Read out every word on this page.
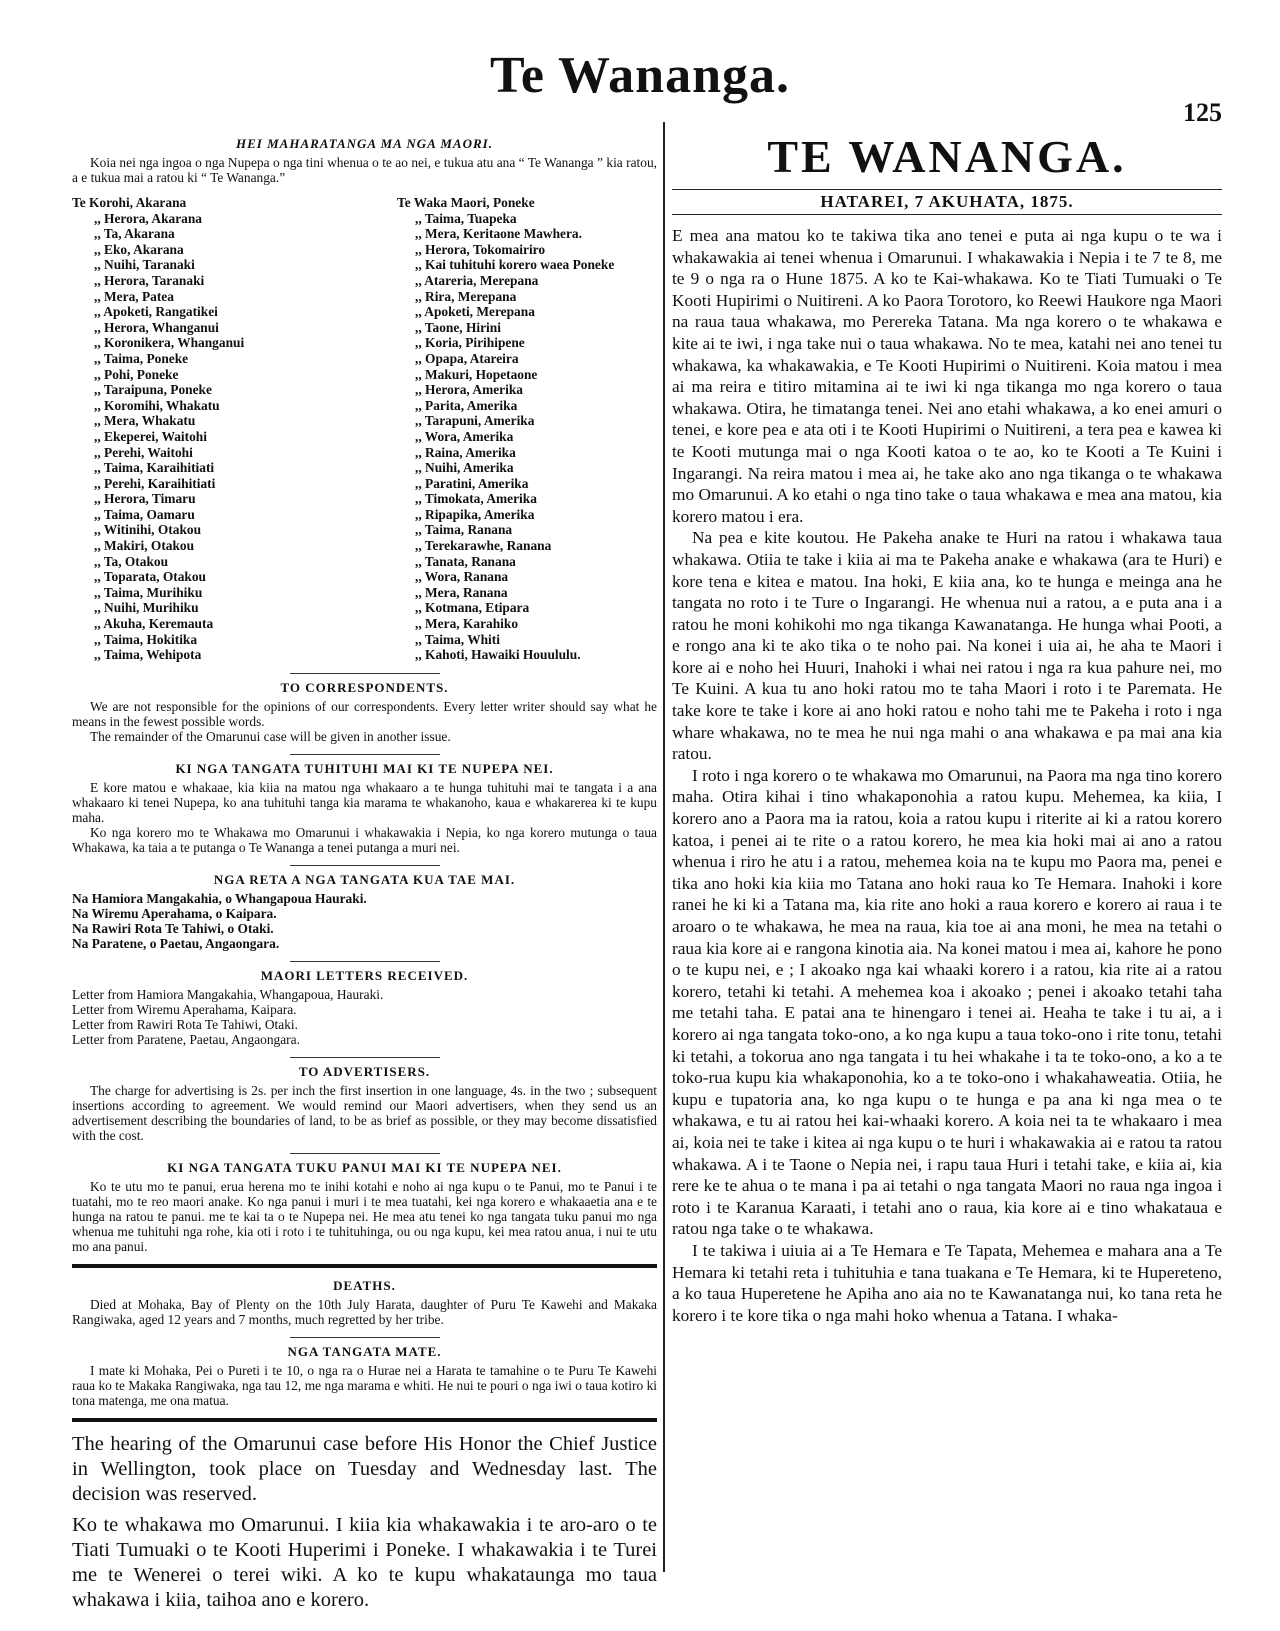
Te Wananga.
125
HEI MAHARATANGA MA NGA MAORI.

Koia nei nga ingoa o nga Nupepa o nga tini whenua o te ao nei, e tukua atu ana “ Te Wananga ” kia ratou, a e tukua mai a ratou ki “ Te Wananga.”

Te Korohi, Akarana
,, Herora, Akarana
,, Ta, Akarana
,, Eko, Akarana
,, Nuihi, Taranaki
,, Herora, Taranaki
,, Mera, Patea
,, Apoketi, Rangatikei
,, Herora, Whanganui
,, Koronikera, Whanganui
,, Taima, Poneke
,, Pohi, Poneke
,, Taraipuna, Poneke
,, Koromihi, Whakatu
,, Mera, Whakatu
,, Ekeperei, Waitohi
,, Perehi, Waitohi
,, Taima, Karaihitiati
,, Perehi, Karaihitiati
,, Herora, Timaru
,, Taima, Oamaru
,, Witinihi, Otakou
,, Makiri, Otakou
,, Ta, Otakou
,, Toparata, Otakou
,, Taima, Murihiku
,, Nuihi, Murihiku
,, Akuha, Keremauta
,, Taima, Hokitika
,, Taima, Wehipota
Te Waka Maori, Poneke
,, Taima, Tuapeka
,, Mera, Keritaone Mawhera.
,, Herora, Tokomairiro
,, Kai tuhituhi korero waea Poneke
,, Atareria, Merepana
,, Rira, Merepana
,, Apoketi, Merepana
,, Taone, Hirini
,, Koria, Pirihipene
,, Opapa, Atareira
,, Makuri, Hopetaone
,, Herora, Amerika
,, Parita, Amerika
,, Tarapuni, Amerika
,, Wora, Amerika
,, Raina, Amerika
,, Nuihi, Amerika
,, Paratini, Amerika
,, Timokata, Amerika
,, Ripapika, Amerika
,, Taima, Ranana
,, Terekarawhe, Ranana
,, Tanata, Ranana
,, Wora, Ranana
,, Mera, Ranana
,, Kotmana, Etipara
,, Mera, Karahiko
,, Taima, Whiti
,, Kahoti, Hawaiki Houululu.
TO CORRESPONDENTS.

We are not responsible for the opinions of our correspondents. Every letter writer should say what he means in the fewest possible words.

The remainder of the Omarunui case will be given in another issue.

KI NGA TANGATA TUHITUHI MAI KI TE NUPEPA NEI.

E kore matou e whakaae, kia kiia na matou nga whakaaro a te hunga tuhituhi mai te tangata i a ana whakaaro ki tenei Nupepa, ko ana tuhituhi tanga kia marama te whakanoho, kaua e whakarerea ki te kupu maha.

Ko nga korero mo te Whakawa mo Omarunui i whakawakia i Nepia, ko nga korero mutunga o taua Whakawa, ka taia a te putanga o Te Wananga a tenei putanga a muri nei.

NGA RETA A NGA TANGATA KUA TAE MAI.

Na Hamiora Mangakahia, o Whangapoua Hauraki.

Na Wiremu Aperahama, o Kaipara.

Na Rawiri Rota Te Tahiwi, o Otaki.

Na Paratene, o Paetau, Angaongara.

MAORI LETTERS RECEIVED.

Letter from Hamiora Mangakahia, Whangapoua, Hauraki.

Letter from Wiremu Aperahama, Kaipara.

Letter from Rawiri Rota Te Tahiwi, Otaki.

Letter from Paratene, Paetau, Angaongara.

TO ADVERTISERS.

The charge for advertising is 2s. per inch the first insertion in one language, 4s. in the two ; subsequent insertions according to agreement. We would remind our Maori advertisers, when they send us an advertisement describing the boundaries of land, to be as brief as possible, or they may become dissatisfied with the cost.

KI NGA TANGATA TUKU PANUI MAI KI TE NUPEPA NEI.

Ko te utu mo te panui, erua herena mo te inihi kotahi e noho ai nga kupu o te Panui, mo te Panui i te tuatahi, mo te reo maori anake. Ko nga panui i muri i te mea tuatahi, kei nga korero e whakaaetia ana e te hunga na ratou te panui. me te kai ta o te Nupepa nei. He mea atu tenei ko nga tangata tuku panui mo nga whenua me tuhituhi nga rohe, kia oti i roto i te tuhituhinga, ou ou nga kupu, kei mea ratou anua, i nui te utu mo ana panui.

DEATHS.

Died at Mohaka, Bay of Plenty on the 10th July Harata, daughter of Puru Te Kawehi and Makaka Rangiwaka, aged 12 years and 7 months, much regretted by her tribe.

NGA TANGATA MATE.

I mate ki Mohaka, Pei o Pureti i te 10, o nga ra o Hurae nei a Harata te tamahine o te Puru Te Kawehi raua ko te Makaka Rangiwaka, nga tau 12, me nga marama e whiti. He nui te pouri o nga iwi o taua kotiro ki tona matenga, me ona matua.

The hearing of the Omarunui case before His Honor the Chief Justice in Wellington, took place on Tuesday and Wednesday last. The decision was reserved.

Ko te whakawa mo Omarunui. I kiia kia whakawakia i te aro-aro o te Tiati Tumuaki o te Kooti Huperimi i Poneke. I whakawakia i te Turei me te Wenerei o terei wiki. A ko te kupu whakataunga mo taua whakawa i kiia, taihoa ano e korero.

TE WANANGA.
HATAREI, 7 AKUHATA, 1875.

E mea ana matou ko te takiwa tika ano tenei e puta ai nga kupu o te wa i whakawakia ai tenei whenua i Omarunui. I whakawakia i Nepia i te 7 te 8, me te 9 o nga ra o Hune 1875. A ko te Kai-whakawa. Ko te Tiati Tumuaki o Te Kooti Hupirimi o Nuitireni. A ko Paora Torotoro, ko Reewi Haukore nga Maori na raua taua whakawa, mo Perereka Tatana. Ma nga korero o te whakawa e kite ai te iwi, i nga take nui o taua whakawa. No te mea, katahi nei ano tenei tu whakawa, ka whakawakia, e Te Kooti Hupirimi o Nuitireni. Koia matou i mea ai ma reira e titiro mitamina ai te iwi ki nga tikanga mo nga korero o taua whakawa. Otira, he timatanga tenei. Nei ano etahi whakawa, a ko enei amuri o tenei, e kore pea e ata oti i te Kooti Hupirimi o Nuitireni, a tera pea e kawea ki te Kooti mutunga mai o nga Kooti katoa o te ao, ko te Kooti a Te Kuini i Ingarangi. Na reira matou i mea ai, he take ako ano nga tikanga o te whakawa mo Omarunui. A ko etahi o nga tino take o taua whakawa e mea ana matou, kia korero matou i era.

Na pea e kite koutou. He Pakeha anake te Huri na ratou i whakawa taua whakawa. Otiia te take i kiia ai ma te Pakeha anake e whakawa (ara te Huri) e kore tena e kitea e matou. Ina hoki, E kiia ana, ko te hunga e meinga ana he tangata no roto i te Ture o Ingarangi. He whenua nui a ratou, a e puta ana i a ratou he moni kohikohi mo nga tikanga Kawanatanga. He hunga whai Pooti, a e rongo ana ki te ako tika o te noho pai. Na konei i uia ai, he aha te Maori i kore ai e noho hei Huuri, Inahoki i whai nei ratou i nga ra kua pahure nei, mo Te Kuini. A kua tu ano hoki ratou mo te taha Maori i roto i te Paremata. He take kore te take i kore ai ano hoki ratou e noho tahi me te Pakeha i roto i nga whare whakawa, no te mea he nui nga mahi o ana whakawa e pa mai ana kia ratou.

I roto i nga korero o te whakawa mo Omarunui, na Paora ma nga tino korero maha. Otira kihai i tino whakaponohia a ratou kupu. Mehemea, ka kiia, I korero ano a Paora ma ia ratou, koia a ratou kupu i riterite ai ki a ratou korero katoa, i penei ai te rite o a ratou korero, he mea kia hoki mai ai ano a ratou whenua i riro he atu i a ratou, mehemea koia na te kupu mo Paora ma, penei e tika ano hoki kia kiia mo Tatana ano hoki raua ko Te Hemara. Inahoki i kore ranei he ki ki a Tatana ma, kia rite ano hoki a raua korero e korero ai raua i te aroaro o te whakawa, he mea na raua, kia toe ai ana moni, he mea na tetahi o raua kia kore ai e rangona kinotia aia. Na konei matou i mea ai, kahore he pono o te kupu nei, e ; I akoako nga kai whaaki korero i a ratou, kia rite ai a ratou korero, tetahi ki tetahi. A mehemea koa i akoako ; penei i akoako tetahi taha me tetahi taha. E patai ana te hinengaro i tenei ai. Heaha te take i tu ai, a i korero ai nga tangata toko-ono, a ko nga kupu a taua toko-ono i rite tonu, tetahi ki tetahi, a tokorua ano nga tangata i tu hei whakahe i ta te toko-ono, a ko a te toko-rua kupu kia whakaponohia, ko a te toko-ono i whakahaweatia. Otiia, he kupu e tupatoria ana, ko nga kupu o te hunga e pa ana ki nga mea o te whakawa, e tu ai ratou hei kai-whaaki korero. A koia nei ta te whakaaro i mea ai, koia nei te take i kitea ai nga kupu o te huri i whakawakia ai e ratou ta ratou whakawa. A i te Taone o Nepia nei, i rapu taua Huri i tetahi take, e kiia ai, kia rere ke te ahua o te mana i pa ai tetahi o nga tangata Maori no raua nga ingoa i roto i te Karanua Karaati, i tetahi ano o raua, kia kore ai e tino whakataua e ratou nga take o te whakawa.

I te takiwa i uiuia ai a Te Hemara e Te Tapata, Mehemea e mahara ana a Te Hemara ki tetahi reta i tuhituhia e tana tuakana e Te Hemara, ki te Hupereteno, a ko taua Huperetene he Apiha ano aia no te Kawanatanga nui, ko tana reta he korero i te kore tika o nga mahi hoko whenua a Tatana. I whaka-
